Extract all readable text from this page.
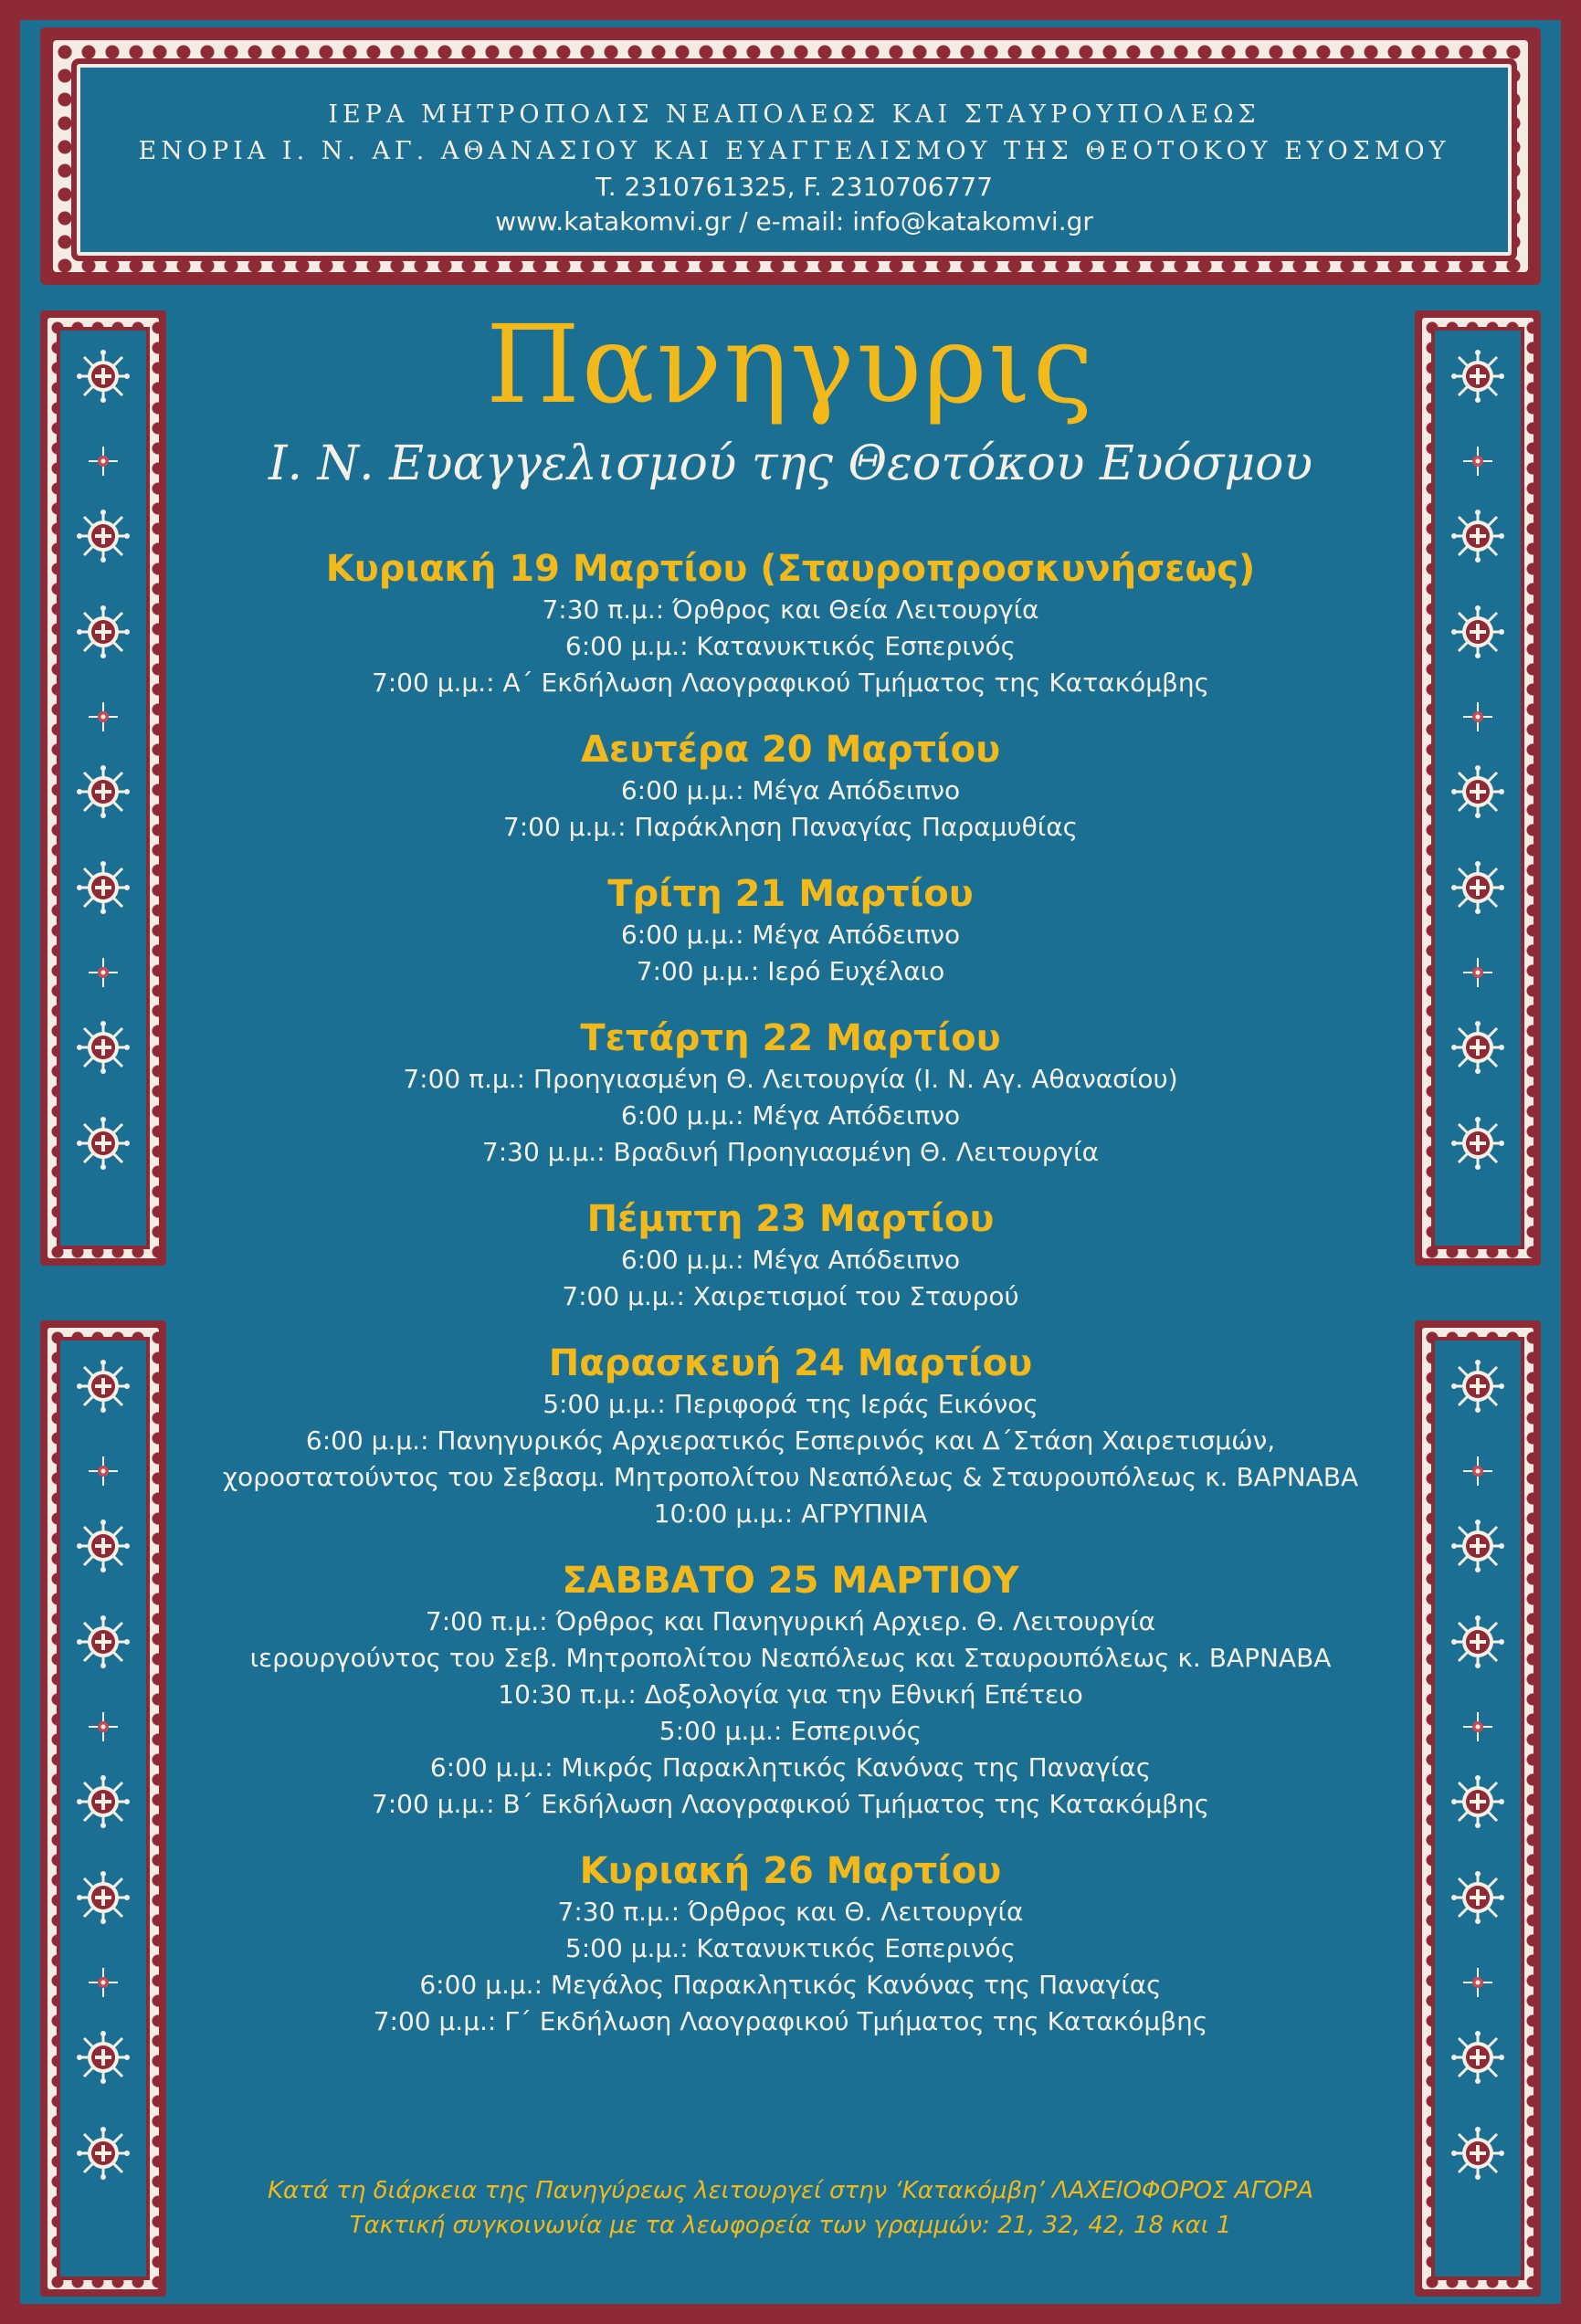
ΙΕΡΑ ΜΗΤΡΟΠΟΛΙΣ ΝΕΑΠΟΛΕΩΣ ΚΑΙ ΣΤΑΥΡΟΥΠΟΛΕΩΣ
ΕΝΟΡΙΑ Ι. Ν. ΑΓ. ΑΘΑΝΑΣΙΟΥ ΚΑΙ ΕΥΑΓΓΕΛΙΣΜΟΥ ΤΗΣ ΘΕΟΤΟΚΟΥ ΕΥΟΣΜΟΥ
T. 2310761325, F. 2310706777
www.katakomvi.gr / e-mail: info@katakomvi.gr
Πανηγυρις
Ι. Ν. Ευαγγελισμού της Θεοτόκου Ευόσμου
Κυριακή 19 Μαρτίου (Σταυροπροσκυνήσεως)
7:30 π.μ.: Όρθρος και Θεία Λειτουργία
6:00 μ.μ.: Κατανυκτικός Εσπερινός
7:00 μ.μ.: Α΄ Εκδήλωση Λαογραφικού Τμήματος της Κατακόμβης
Δευτέρα 20 Μαρτίου
6:00 μ.μ.: Μέγα Απόδειπνο
7:00 μ.μ.: Παράκληση Παναγίας Παραμυθίας
Τρίτη 21 Μαρτίου
6:00 μ.μ.: Μέγα Απόδειπνο
7:00 μ.μ.: Ιερό Ευχέλαιο
Τετάρτη 22 Μαρτίου
7:00 π.μ.: Προηγιασμένη Θ. Λειτουργία (Ι. Ν. Αγ. Αθανασίου)
6:00 μ.μ.: Μέγα Απόδειπνο
7:30 μ.μ.: Βραδινή Προηγιασμένη Θ. Λειτουργία
Πέμπτη 23 Μαρτίου
6:00 μ.μ.: Μέγα Απόδειπνο
7:00 μ.μ.: Χαιρετισμοί του Σταυρού
Παρασκευή 24 Μαρτίου
5:00 μ.μ.: Περιφορά της Ιεράς Εικόνος
6:00 μ.μ.: Πανηγυρικός Αρχιερατικός Εσπερινός και Δ΄Στάση Χαιρετισμών,
χοροστατούντος του Σεβασμ. Μητροπολίτου Νεαπόλεως & Σταυρουπόλεως κ. ΒΑΡΝΑΒΑ
10:00 μ.μ.: ΑΓΡΥΠΝΙΑ
ΣΑΒΒΑΤΟ 25 ΜΑΡΤΙΟΥ
7:00 π.μ.: Όρθρος και Πανηγυρική Αρχιερ. Θ. Λειτουργία
ιερουργούντος του Σεβ. Μητροπολίτου Νεαπόλεως και Σταυρουπόλεως κ. ΒΑΡΝΑΒΑ
10:30 π.μ.: Δοξολογία για την Εθνική Επέτειο
5:00 μ.μ.: Εσπερινός
6:00 μ.μ.: Μικρός Παρακλητικός Κανόνας της Παναγίας
7:00 μ.μ.: Β΄ Εκδήλωση Λαογραφικού Τμήματος της Κατακόμβης
Κυριακή 26 Μαρτίου
7:30 π.μ.: Όρθρος και Θ. Λειτουργία
5:00 μ.μ.: Κατανυκτικός Εσπερινός
6:00 μ.μ.: Μεγάλος Παρακλητικός Κανόνας της Παναγίας
7:00 μ.μ.: Γ΄ Εκδήλωση Λαογραφικού Τμήματος της Κατακόμβης
Κατά τη διάρκεια της Πανηγύρεως λειτουργεί στην ‘Κατακόμβη’ ΛΑΧΕΙΟΦΟΡΟΣ ΑΓΟΡΑ
Τακτική συγκοινωνία με τα λεωφορεία των γραμμών: 21, 32, 42, 18 και 1
